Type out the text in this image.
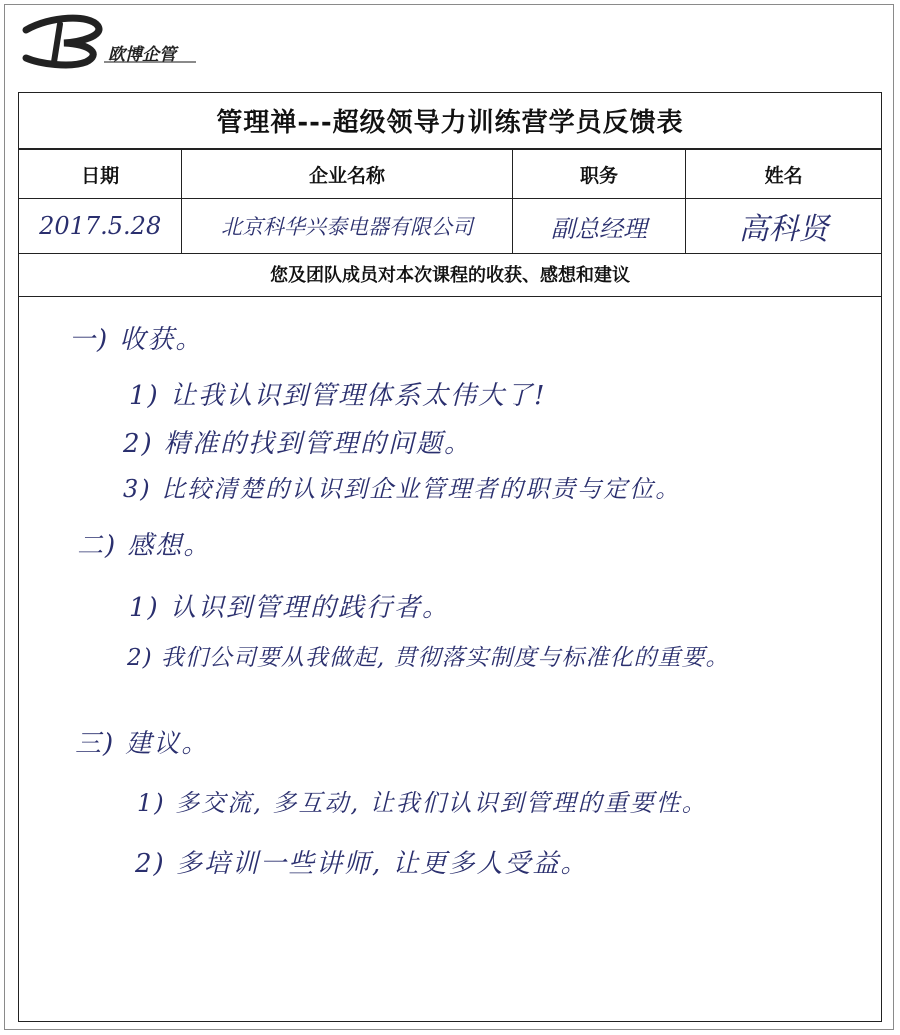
欧博企管
管理禅---超级领导力训练营学员反馈表
日期	企业名称	职务	姓名

2017.5.28	北京科华兴泰电器有限公司	副总经理	高科贤
您及团队成员对本次课程的收获、感想和建议
一) 收获。
1) 让我认识到管理体系太伟大了!
2) 精准的找到管理的问题。
3) 比较清楚的认识到企业管理者的职责与定位。
二) 感想。
1) 认识到管理的践行者。
2) 我们公司要从我做起, 贯彻落实制度与标准化的重要。
三) 建议。
1) 多交流, 多互动, 让我们认识到管理的重要性。
2) 多培训一些讲师, 让更多人受益。
